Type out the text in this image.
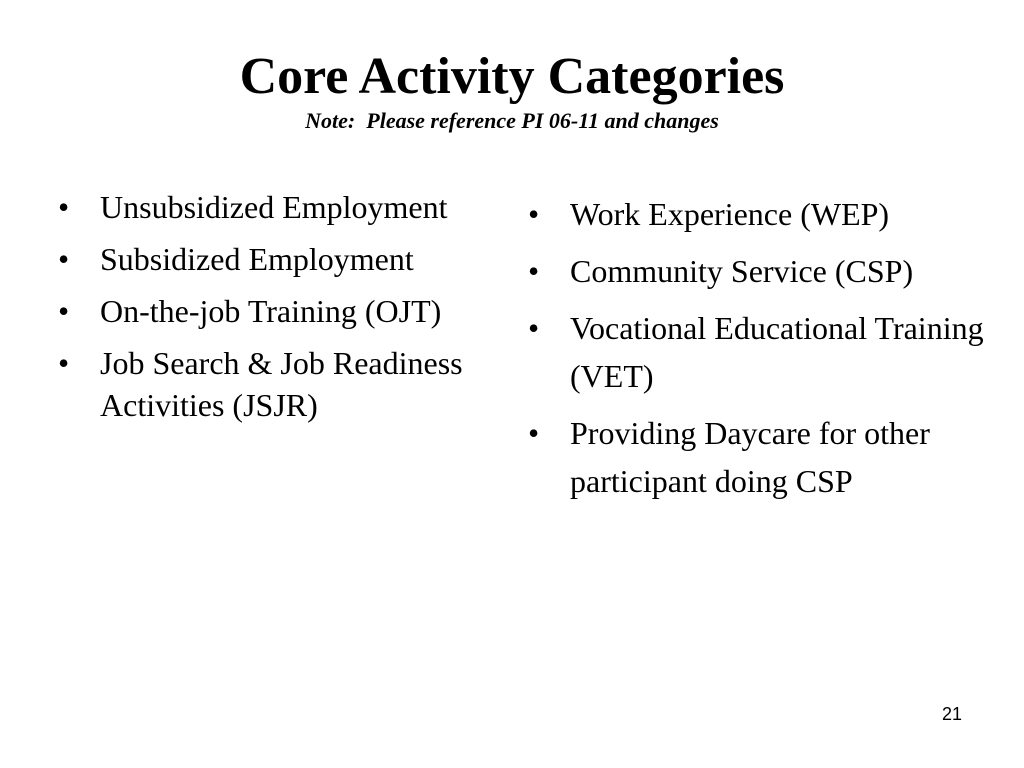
Core Activity Categories

Note:  Please reference PI 06-11 and changes

• Unsubsidized Employment
• Subsidized Employment
• On-the-job Training (OJT)
• Job Search & Job Readiness Activities (JSJR)
• Work Experience (WEP)
• Community Service (CSP)
• Vocational Educational Training (VET)
• Providing Daycare for other participant doing CSP
21
